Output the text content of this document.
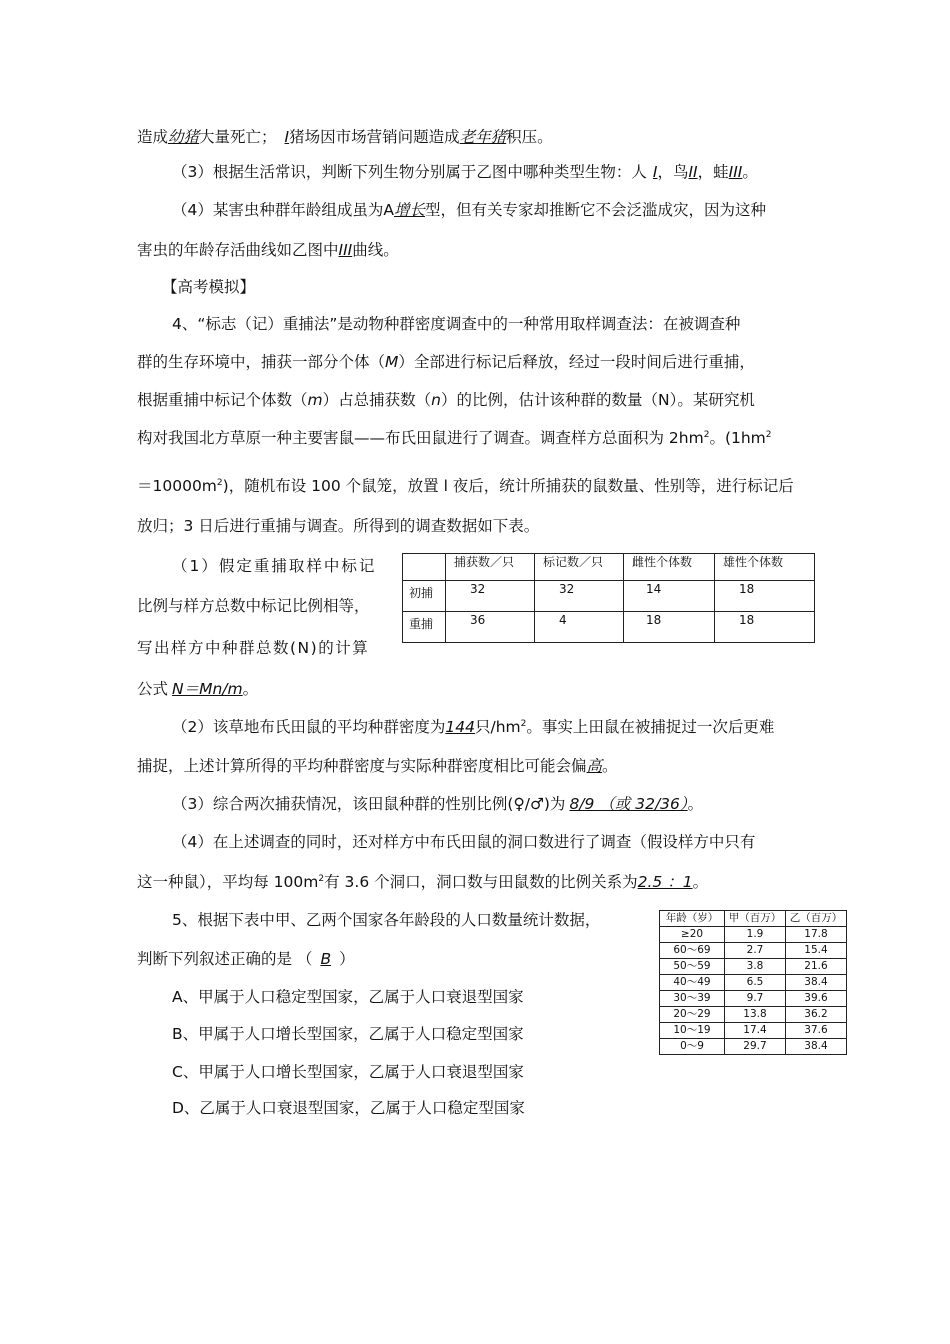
造成幼猪大量死亡； I猪场因市场营销问题造成老年猪积压。
（3）根据生活常识，判断下列生物分别属于乙图中哪种类型生物：人 I，鸟II，蛙III。
（4）某害虫种群年龄组成虽为A增长型，但有关专家却推断它不会泛滥成灾，因为这种
害虫的年龄存活曲线如乙图中III曲线。
【高考模拟】
4、“标志（记）重捕法”是动物种群密度调查中的一种常用取样调查法：在被调查种
群的生存环境中，捕获一部分个体（M）全部进行标记后释放，经过一段时间后进行重捕，
根据重捕中标记个体数（m）占总捕获数（n）的比例，估计该种群的数量（N）。某研究机
构对我国北方草原一种主要害鼠——布氏田鼠进行了调查。调查样方总面积为 $2hm^2$。($1hm^2$
$=10000m^2$)，随机布设 100 个鼠笼，放置 l 夜后，统计所捕获的鼠数量、性别等，进行标记后
放归；3 日后进行重捕与调查。所得到的调查数据如下表。
（1）假定重捕取样中标记
比例与样方总数中标记比例相等，
写出样方中种群总数(N)的计算
公式 N＝Mn/m。
	捕获数／只	标记数／只	雌性个体数	雄性个体数
初捕	32	32	14	18
重捕	36	4	18	18
（2）该草地布氏田鼠的平均种群密度为144只$/hm^2$。事实上田鼠在被捕捉过一次后更难
捕捉，上述计算所得的平均种群密度与实际种群密度相比可能会偏高。
（3）综合两次捕获情况，该田鼠种群的性别比例(♀/♂)为 8/9 （或 32/36）。
（4）在上述调查的同时，还对样方中布氏田鼠的洞口数进行了调查（假设样方中只有
这一种鼠），平均每 $100m^2$有 3.6 个洞口，洞口数与田鼠数的比例关系为2.5 ：1。
5、根据下表中甲、乙两个国家各年龄段的人口数量统计数据，
判断下列叙述正确的是 （ B ）
A、甲属于人口稳定型国家，乙属于人口衰退型国家
B、甲属于人口增长型国家，乙属于人口稳定型国家
C、甲属于人口增长型国家，乙属于人口衰退型国家
D、乙属于人口衰退型国家，乙属于人口稳定型国家
年龄（岁）	甲（百万）	乙（百万）
≥20	1.9	17.8
60～69	2.7	15.4
50～59	3.8	21.6
40～49	6.5	38.4
30～39	9.7	39.6
20～29	13.8	36.2
10～19	17.4	37.6
0～9	29.7	38.4
